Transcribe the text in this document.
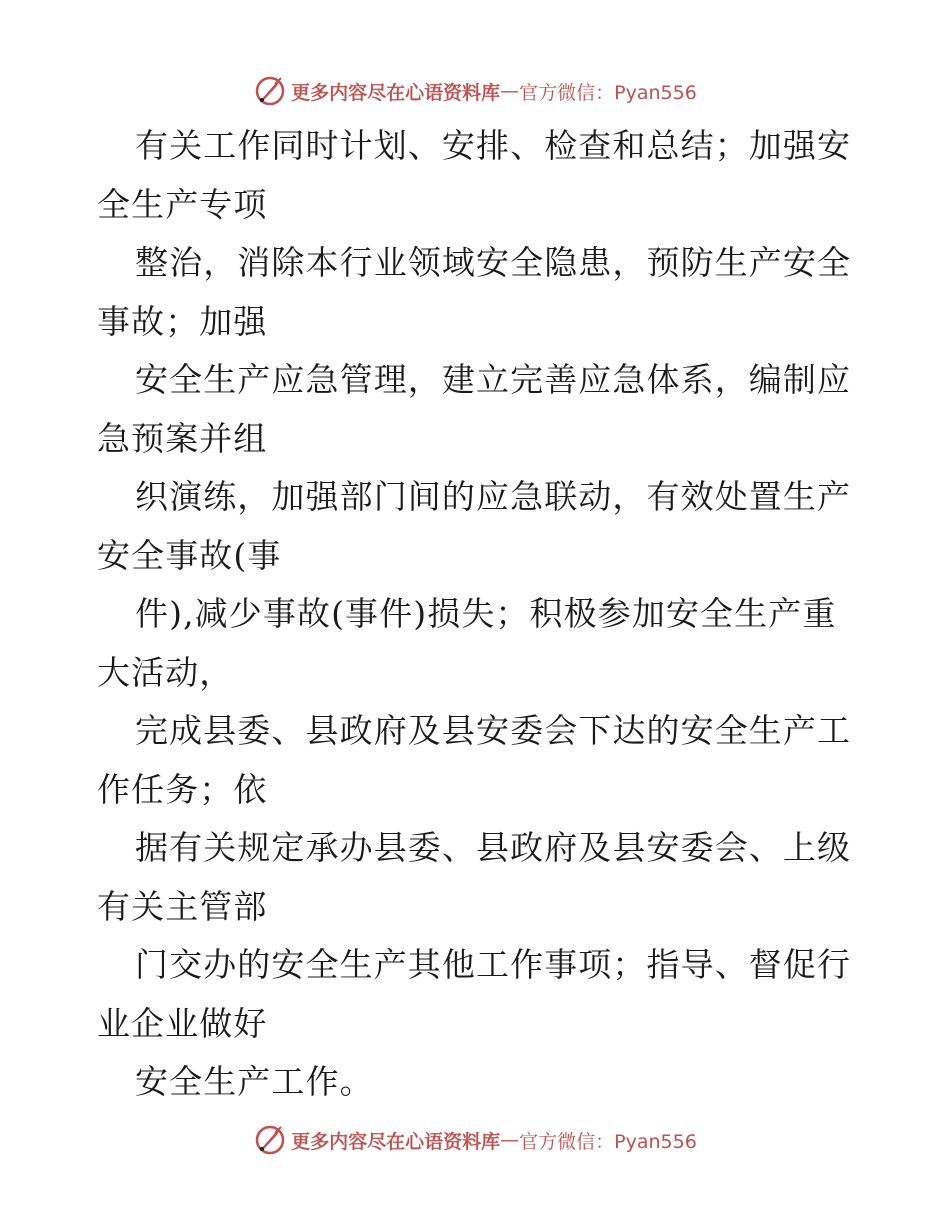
更多内容尽在心语资料库 — 官方微信：Pyan556
有关工作同时计划、安排、检查和总结；加强安
全生产专项
整治，消除本行业领域安全隐患，预防生产安全
事故；加强
安全生产应急管理，建立完善应急体系，编制应
急预案并组
织演练，加强部门间的应急联动，有效处置生产
安全事故(事
件),减少事故(事件)损失；积极参加安全生产重
大活动，
完成县委、县政府及县安委会下达的安全生产工
作任务；依
据有关规定承办县委、县政府及县安委会、上级
有关主管部
门交办的安全生产其他工作事项；指导、督促行
业企业做好
安全生产工作。
更多内容尽在心语资料库 — 官方微信：Pyan556
